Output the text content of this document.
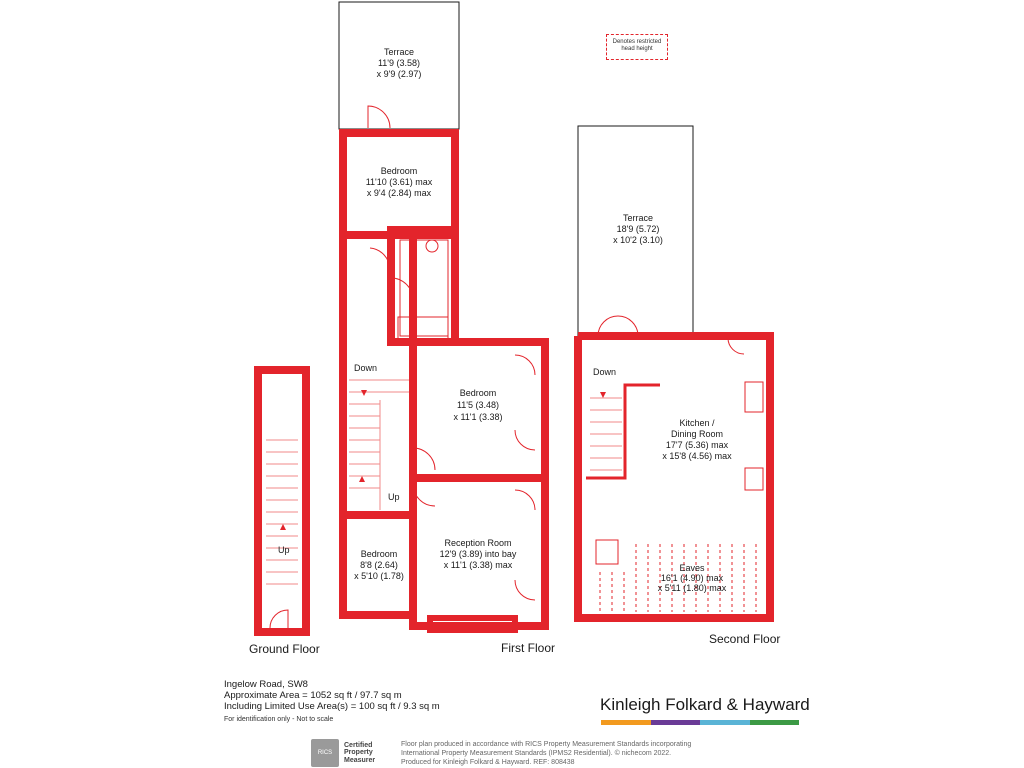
Terrace
11'9 (3.58)
x 9'9 (2.97)
Bedroom
11'10 (3.61) max
x 9'4 (2.84) max
Bedroom
11'5 (3.48)
x 11'1 (3.38)
Reception Room
12'9 (3.89) into bay
x 11'1 (3.38) max
Bedroom
8'8 (2.64)
x 5'10 (1.78)
Down
Up
Up
Terrace
18'9 (5.72)
x 10'2 (3.10)
Kitchen /
Dining Room
17'7 (5.36) max
x 15'8 (4.56) max
Eaves
16'1 (4.90) max
x 5'11 (1.80) max
Down
Ground Floor	First Floor
Second Floor
Denotes restricted head height
Ingelow Road, SW8
Approximate Area = 1052 sq ft / 97.7 sq m
Including Limited Use Area(s) = 100 sq ft / 9.3 sq m
For identification only - Not to scale
Kinleigh Folkard & Hayward
RICS
Certified
Property
Measurer
Floor plan produced in accordance with RICS Property Measurement Standards incorporating
International Property Measurement Standards (IPMS2 Residential). © nichecom 2022.
Produced for Kinleigh Folkard & Hayward. REF: 808438
